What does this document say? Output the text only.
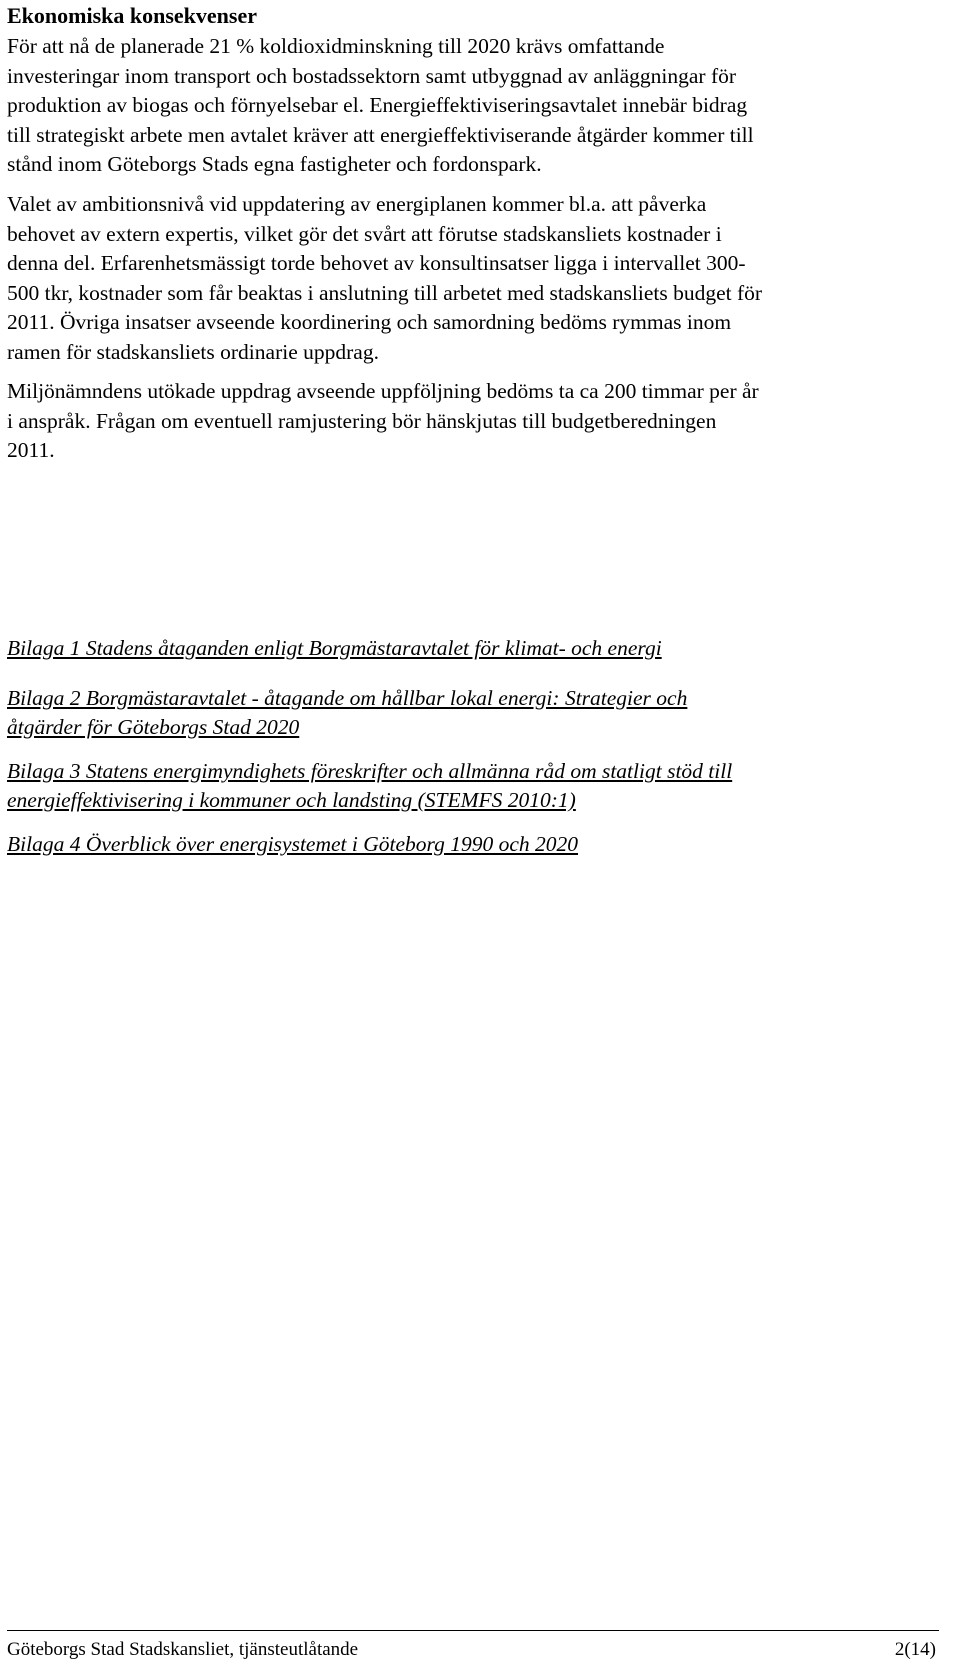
Ekonomiska konsekvenser

För att nå de planerade 21 % koldioxidminskning till 2020 krävs omfattande
investeringar inom transport och bostadssektorn samt utbyggnad av anläggningar för
produktion av biogas och förnyelsebar el. Energieffektiviseringsavtalet innebär bidrag
till strategiskt arbete men avtalet kräver att energieffektiviserande åtgärder kommer till
stånd inom Göteborgs Stads egna fastigheter och fordonspark.

Valet av ambitionsnivå vid uppdatering av energiplanen kommer bl.a. att påverka
behovet av extern expertis, vilket gör det svårt att förutse stadskansliets kostnader i
denna del. Erfarenhetsmässigt torde behovet av konsultinsatser ligga i intervallet 300-
500 tkr, kostnader som får beaktas i anslutning till arbetet med stadskansliets budget för
2011. Övriga insatser avseende koordinering och samordning bedöms rymmas inom
ramen för stadskansliets ordinarie uppdrag.

Miljönämndens utökade uppdrag avseende uppföljning bedöms ta ca 200 timmar per år
i anspråk. Frågan om eventuell ramjustering bör hänskjutas till budgetberedningen
2011.

Bilaga 1 Stadens åtaganden enligt Borgmästaravtalet för klimat- och energi

Bilaga 2 Borgmästaravtalet - åtagande om hållbar lokal energi: Strategier och
åtgärder för Göteborgs Stad 2020

Bilaga 3 Statens energimyndighets föreskrifter och allmänna råd om statligt stöd till
energieffektivisering i kommuner och landsting (STEMFS 2010:1)

Bilaga 4 Överblick över energisystemet i Göteborg 1990 och 2020

Göteborgs Stad Stadskansliet, tjänsteutlåtande	2(14)
